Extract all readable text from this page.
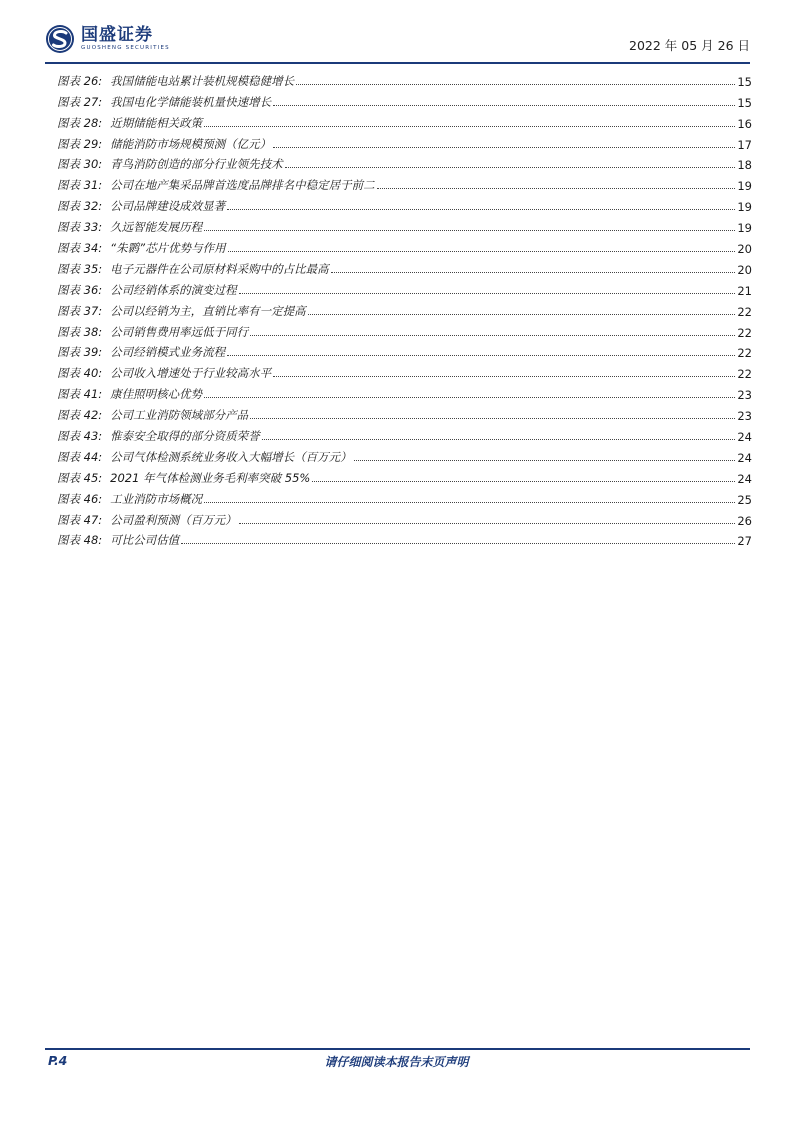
国盛证券
GUOSHENG SECURITIES	2022 年 05 月 26 日
图表 26: 我国储能电站累计装机规模稳健增长	15
图表 27: 我国电化学储能装机量快速增长	15
图表 28: 近期储能相关政策	16
图表 29: 储能消防市场规模预测（亿元）	17
图表 30: 青鸟消防创造的部分行业领先技术	18
图表 31: 公司在地产集采品牌首选度品牌排名中稳定居于前二	19
图表 32: 公司品牌建设成效显著	19
图表 33: 久远智能发展历程	19
图表 34: “朱鹮”芯片优势与作用	20
图表 35: 电子元器件在公司原材料采购中的占比最高	20
图表 36: 公司经销体系的演变过程	21
图表 37: 公司以经销为主，直销比率有一定提高	22
图表 38: 公司销售费用率远低于同行	22
图表 39: 公司经销模式业务流程	22
图表 40: 公司收入增速处于行业较高水平	22
图表 41: 康佳照明核心优势	23
图表 42: 公司工业消防领域部分产品	23
图表 43: 惟泰安全取得的部分资质荣誉	24
图表 44: 公司气体检测系统业务收入大幅增长（百万元）	24
图表 45: 2021 年气体检测业务毛利率突破 55%	24
图表 46: 工业消防市场概况	25
图表 47: 公司盈利预测（百万元）	26
图表 48: 可比公司估值	27
P.4	请仔细阅读本报告末页声明
